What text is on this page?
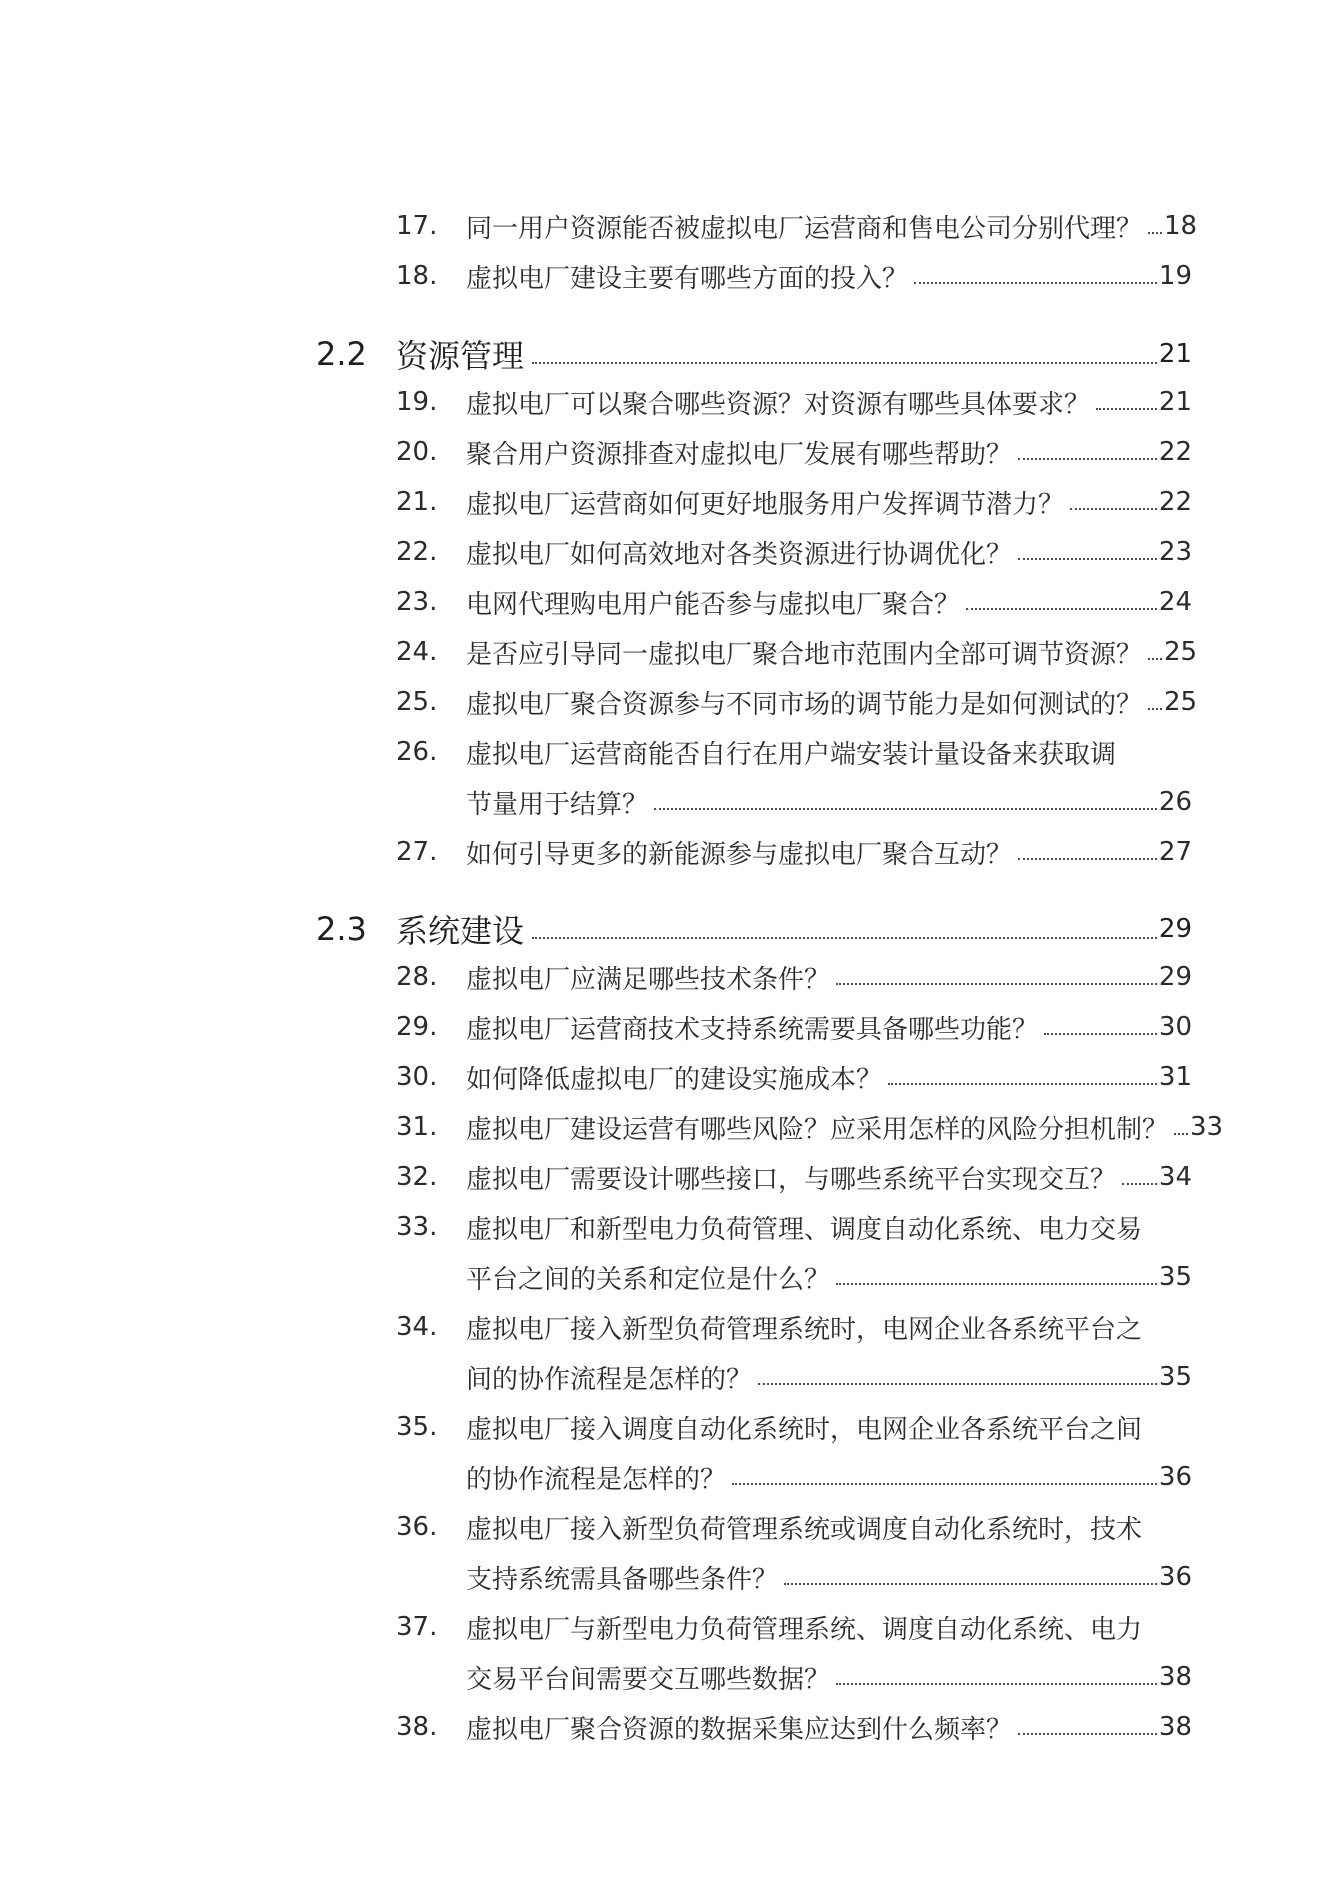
17.	同一用户资源能否被虚拟电厂运营商和售电公司分别代理？ 18
18.	虚拟电厂建设主要有哪些方面的投入？	19
2.2 资源管理	21
19.	虚拟电厂可以聚合哪些资源？对资源有哪些具体要求？	21
20.	聚合用户资源排查对虚拟电厂发展有哪些帮助？	22
21.	虚拟电厂运营商如何更好地服务用户发挥调节潜力？	22
22.	虚拟电厂如何高效地对各类资源进行协调优化？	23
23.	电网代理购电用户能否参与虚拟电厂聚合？	24
24.	是否应引导同一虚拟电厂聚合地市范围内全部可调节资源？ 25
25.	虚拟电厂聚合资源参与不同市场的调节能力是如何测试的？ 25
26.	虚拟电厂运营商能否自行在用户端安装计量设备来获取调
节量用于结算？	26
27.	如何引导更多的新能源参与虚拟电厂聚合互动？	27
2.3 系统建设	29
28.	虚拟电厂应满足哪些技术条件？	29
29.	虚拟电厂运营商技术支持系统需要具备哪些功能？	30
30.	如何降低虚拟电厂的建设实施成本？	31
31.	虚拟电厂建设运营有哪些风险？应采用怎样的风险分担机制？ 33
32.	虚拟电厂需要设计哪些接口，与哪些系统平台实现交互？ 34
33.	虚拟电厂和新型电力负荷管理、调度自动化系统、电力交易
平台之间的关系和定位是什么？	35
34.	虚拟电厂接入新型负荷管理系统时，电网企业各系统平台之
间的协作流程是怎样的？	35
35.	虚拟电厂接入调度自动化系统时，电网企业各系统平台之间
的协作流程是怎样的？	36
36.	虚拟电厂接入新型负荷管理系统或调度自动化系统时，技术
支持系统需具备哪些条件？	36
37.	虚拟电厂与新型电力负荷管理系统、调度自动化系统、电力
交易平台间需要交互哪些数据？	38
38.	虚拟电厂聚合资源的数据采集应达到什么频率？	38
